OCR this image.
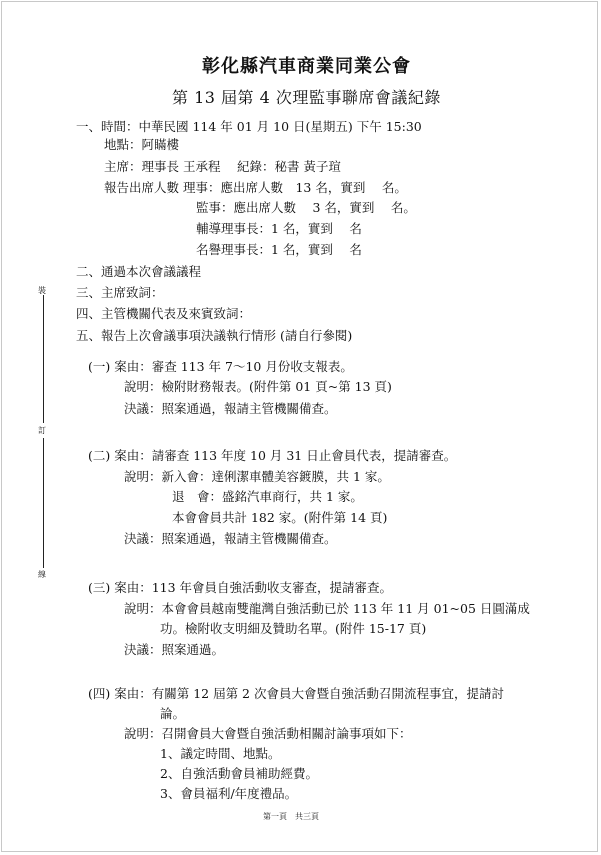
裝
訂
線
彰化縣汽車商業同業公會
第 13 屆第 4 次理監事聯席會議紀錄
一、時間：中華民國 114 年 01 月 10 日(星期五) 下午 15:30
地點：阿瞞樓
主席：理事長 王承程　 紀錄：秘書 黃子瑄
報告出席人數 理事：應出席人數　13 名，實到　 名。
監事：應出席人數　 3 名，實到　 名。
輔導理事長：1 名，實到　 名
名譽理事長：1 名，實到　 名
二、通過本次會議議程
三、主席致詞：
四、主管機關代表及來賓致詞：
五、報告上次會議事項決議執行情形 (請自行參閱)
(一) 案由：審查 113 年 7～10 月份收支報表。
說明：檢附財務報表。(附件第 01 頁~第 13 頁)
決議：照案通過，報請主管機關備查。
(二) 案由：請審查 113 年度 10 月 31 日止會員代表，提請審查。
說明：新入會：達俐潔車體美容鍍膜，共 1 家。
退　會：盛銘汽車商行，共 1 家。
本會會員共計 182 家。(附件第 14 頁)
決議：照案通過，報請主管機關備查。
(三) 案由：113 年會員自強活動收支審查，提請審查。
說明：本會會員越南雙龍灣自強活動已於 113 年 11 月 01~05 日圓滿成
功。檢附收支明細及贊助名單。(附件 15-17 頁)
決議：照案通過。
(四) 案由：有關第 12 屆第 2 次會員大會暨自強活動召開流程事宜，提請討
論。
說明：召開會員大會暨自強活動相關討論事項如下：
1、議定時間、地點。
2、自強活動會員補助經費。
3、會員福利/年度禮品。
第一頁　共三頁
